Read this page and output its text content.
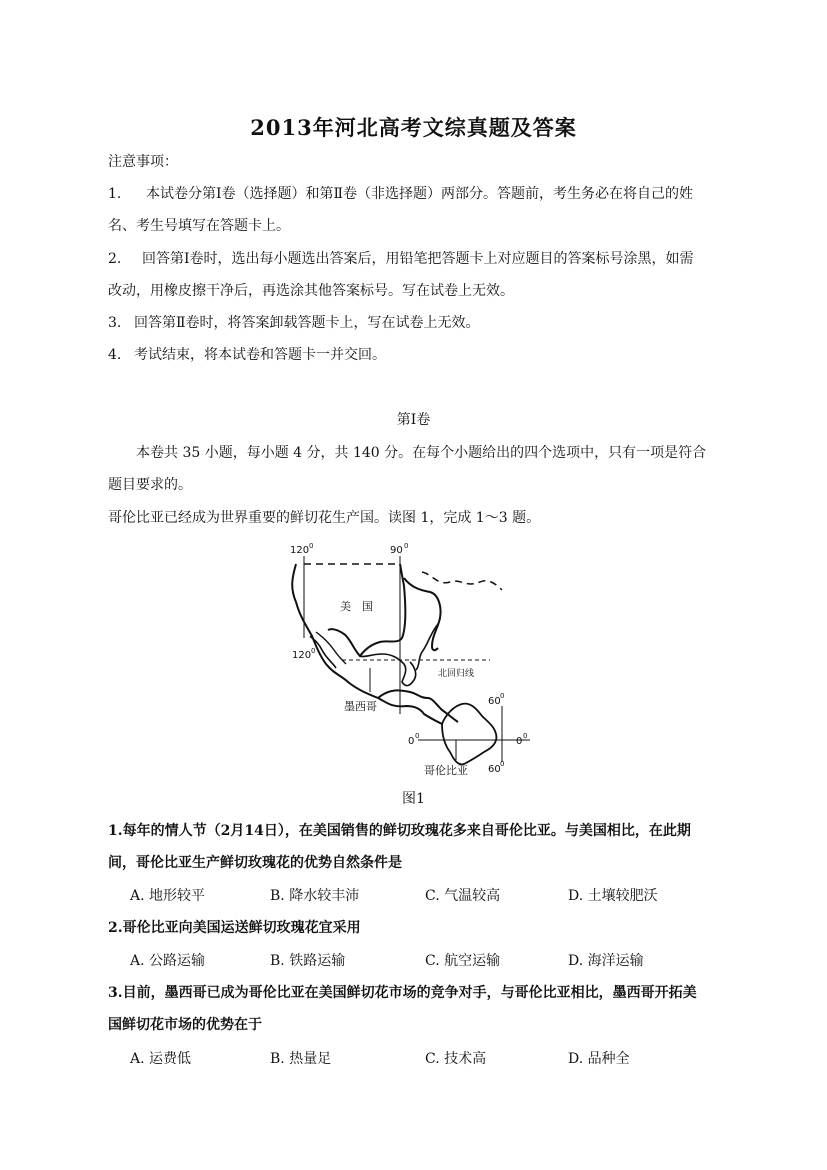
2013年河北高考文综真题及答案
注意事项：
1. 本试卷分第Ⅰ卷（选择题）和第Ⅱ卷（非选择题）两部分。答题前，考生务必在将自己的姓
名、考生号填写在答题卡上。
2. 回答第Ⅰ卷时，选出每小题选出答案后，用铅笔把答题卡上对应题目的答案标号涂黑，如需
改动，用橡皮擦干净后，再选涂其他答案标号。写在试卷上无效。
3. 回答第Ⅱ卷时，将答案卸载答题卡上，写在试卷上无效。
4. 考试结束，将本试卷和答题卡一并交回。
第Ⅰ卷
本卷共 35 小题，每小题 4 分，共 140 分。在每个小题给出的四个选项中，只有一项是符合
题目要求的。
哥伦比亚已经成为世界重要的鲜切花生产国。读图 1，完成 1～3 题。
120 0	90 0
120 0
美　国
北回归线
墨西哥	60 0
0 0	0 0
哥伦比亚 60 0
图1
1.每年的情人节（2月14日），在美国销售的鲜切玫瑰花多来自哥伦比亚。与美国相比，在此期
间，哥伦比亚生产鲜切玫瑰花的优势自然条件是
A. 地形较平	B. 降水较丰沛	C. 气温较高	D. 土壤较肥沃
2.哥伦比亚向美国运送鲜切玫瑰花宜采用
A. 公路运输	B. 铁路运输	C. 航空运输	D. 海洋运输
3.目前，墨西哥已成为哥伦比亚在美国鲜切花市场的竞争对手，与哥伦比亚相比，墨西哥开拓美
国鲜切花市场的优势在于
A. 运费低	B. 热量足	C. 技术高	D. 品种全
